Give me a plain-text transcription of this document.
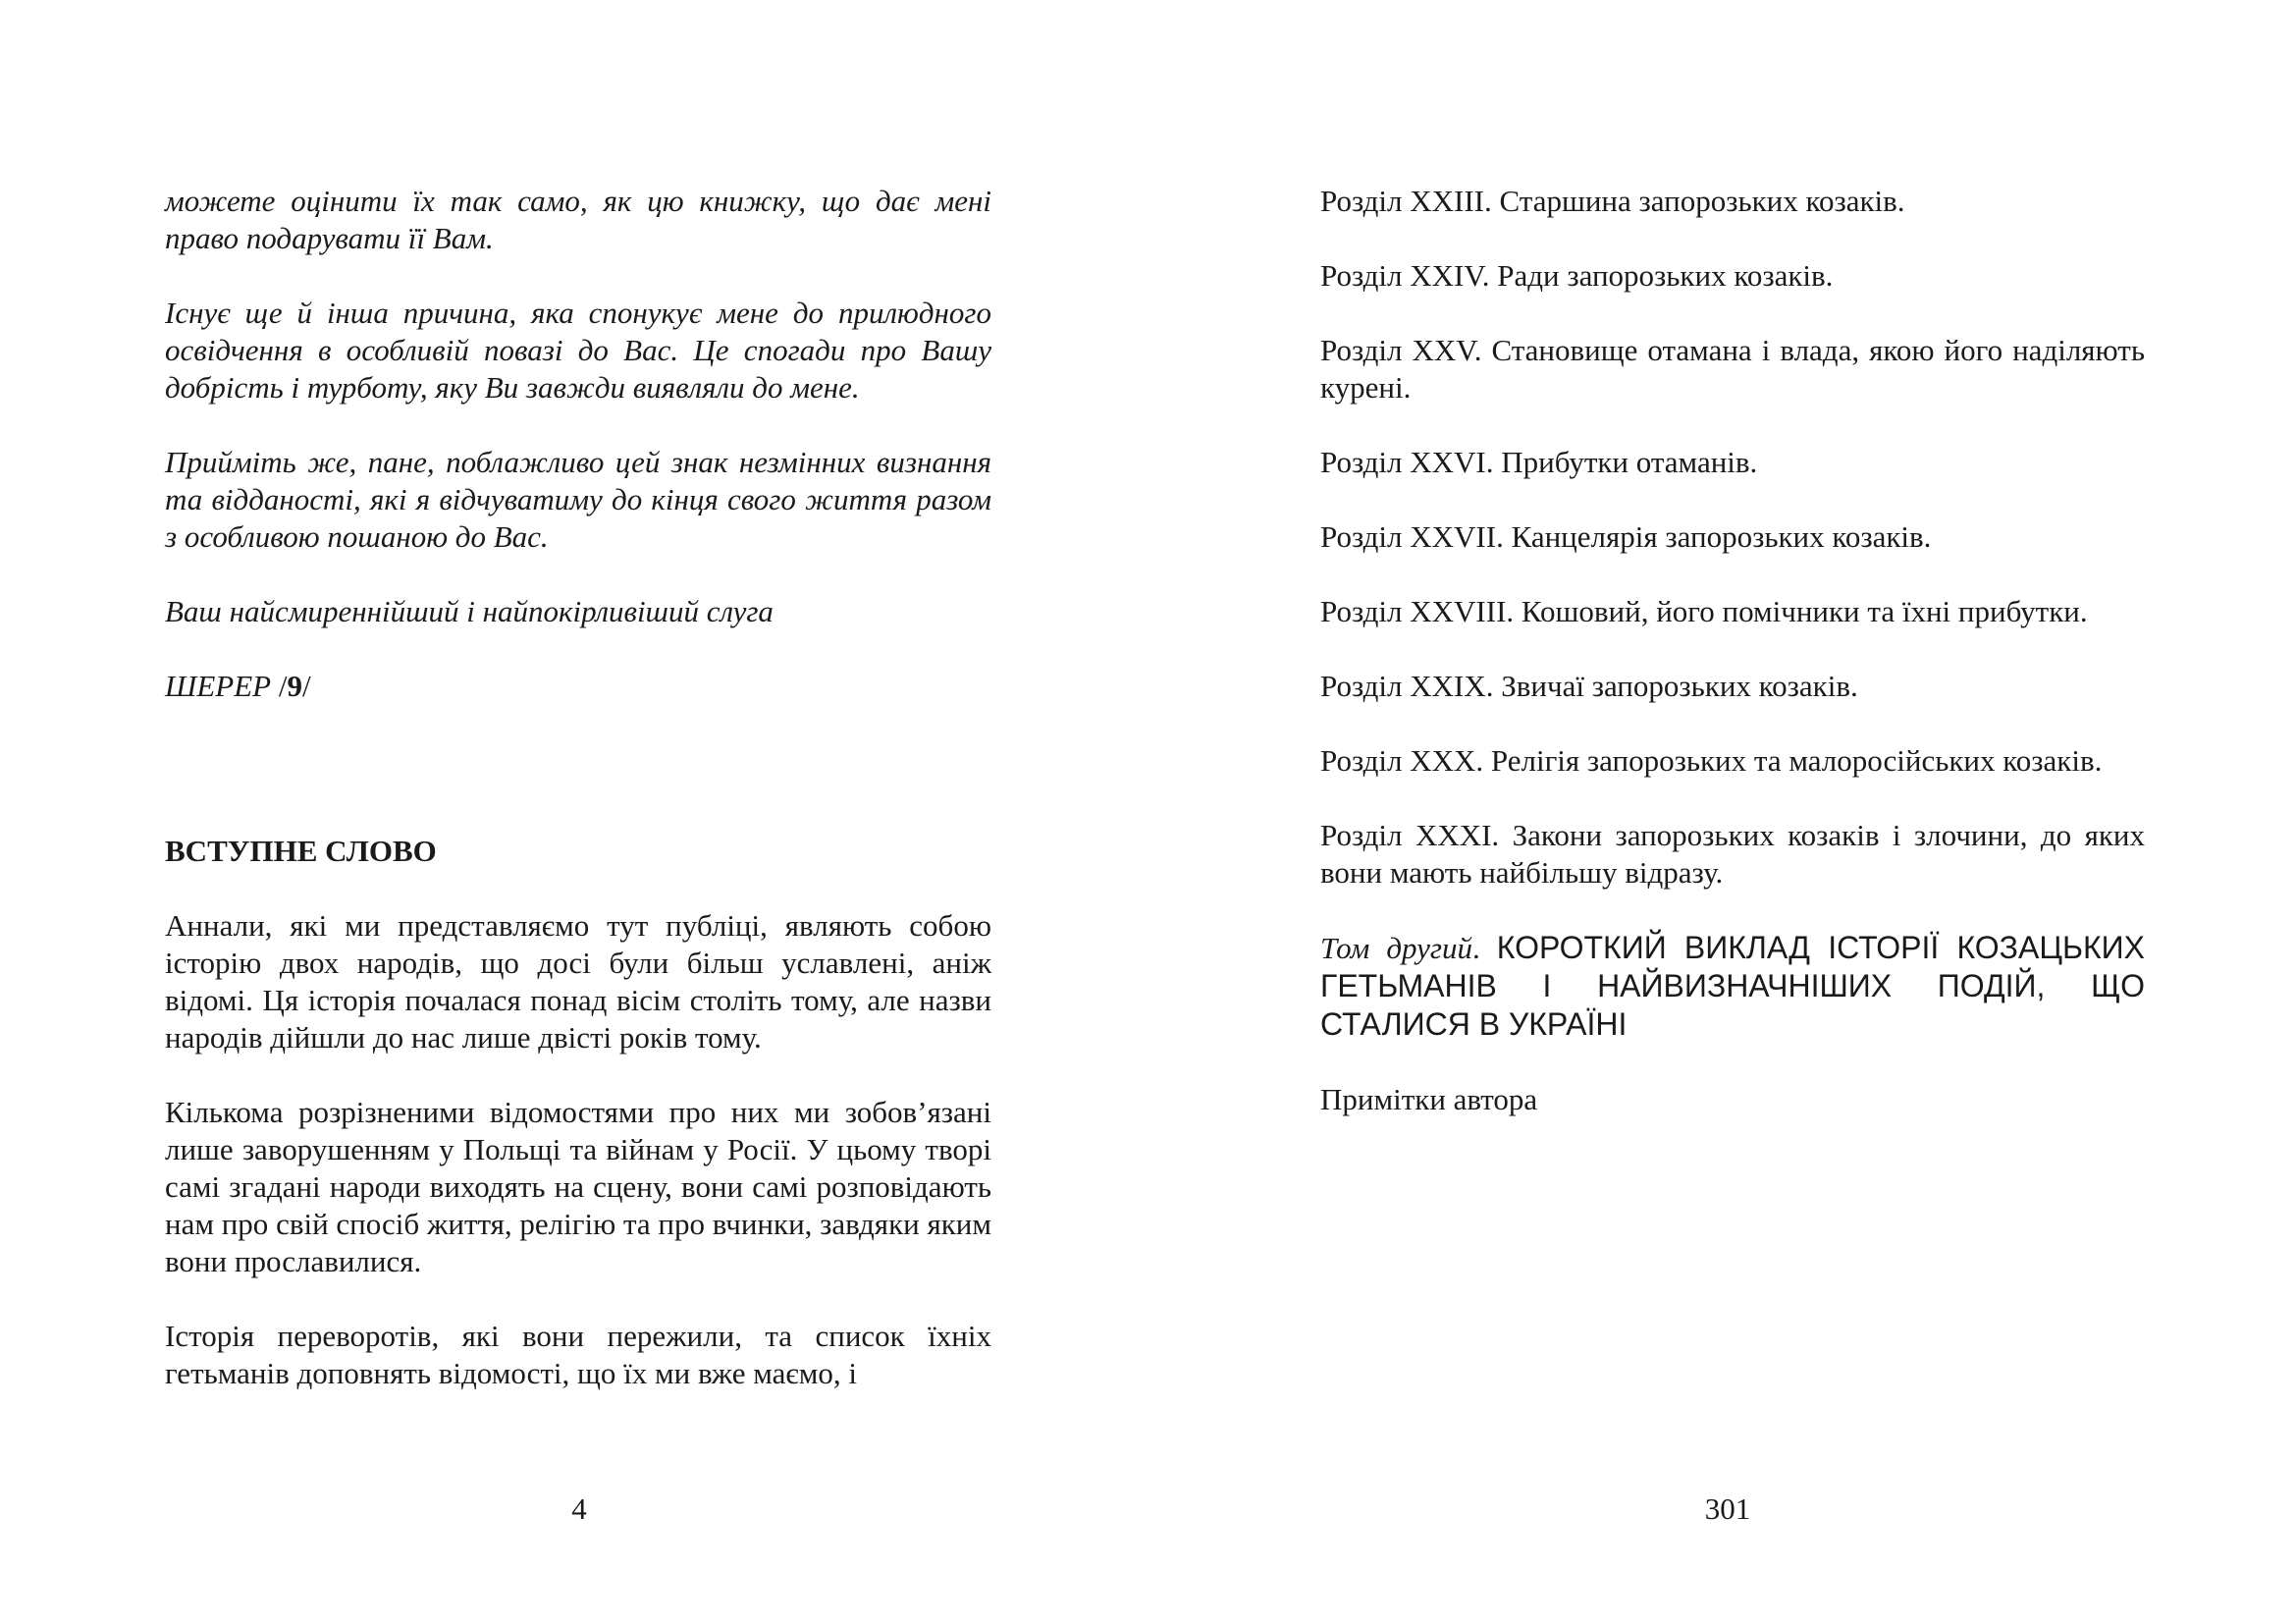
можете оцінити їх так само, як цю книжку, що дає мені право подарувати її Вам.

Існує ще й інша причина, яка спонукує мене до прилюдного освідчення в особливій повазі до Вас. Це спогади про Вашу добрість і турботу, яку Ви завжди виявляли до мене.

Прийміть же, пане, поблажливо цей знак незмінних визнання та відданості, які я відчуватиму до кінця свого життя разом з особливою пошаною до Вас.

Ваш найсмиреннійший і найпокірливіший слуга

ШЕРЕР /9/

ВСТУПНЕ СЛОВО

Аннали, які ми представляємо тут публіці, являють собою історію двох народів, що досі були більш уславлені, аніж відомі. Ця історія почалася понад вісім століть тому, але назви народів дійшли до нас лише двісті років тому.

Кількома розрізненими відомостями про них ми зобов’язані лише заворушенням у Польщі та війнам у Росії. У цьому творі самі згадані народи виходять на сцену, вони самі розповідають нам про свій спосіб життя, релігію та про вчинки, завдяки яким вони прославилися.

Історія переворотів, які вони пережили, та список їхніх гетьманів доповнять відомості, що їх ми вже маємо, і

4

Розділ XXIII. Старшина запорозьких козаків.

Розділ XXIV. Ради запорозьких козаків.

Розділ XXV. Становище отамана і влада, якою його наділяють курені.

Розділ XXVI. Прибутки отаманів.

Розділ XXVII. Канцелярія запорозьких козаків.

Розділ XXVIII. Кошовий, його помічники та їхні прибутки.

Розділ XXIX. Звичаї запорозьких козаків.

Розділ XXX. Релігія запорозьких та малоросійських козаків.

Розділ XXXI. Закони запорозьких козаків і злочини, до яких вони мають найбільшу відразу.

Том другий. КОРОТКИЙ ВИКЛАД ІСТОРІЇ КОЗАЦЬКИХ ГЕТЬМАНІВ І НАЙВИЗНАЧНІШИХ ПОДІЙ, ЩО СТАЛИСЯ В УКРАЇНІ

Примітки автора

301
